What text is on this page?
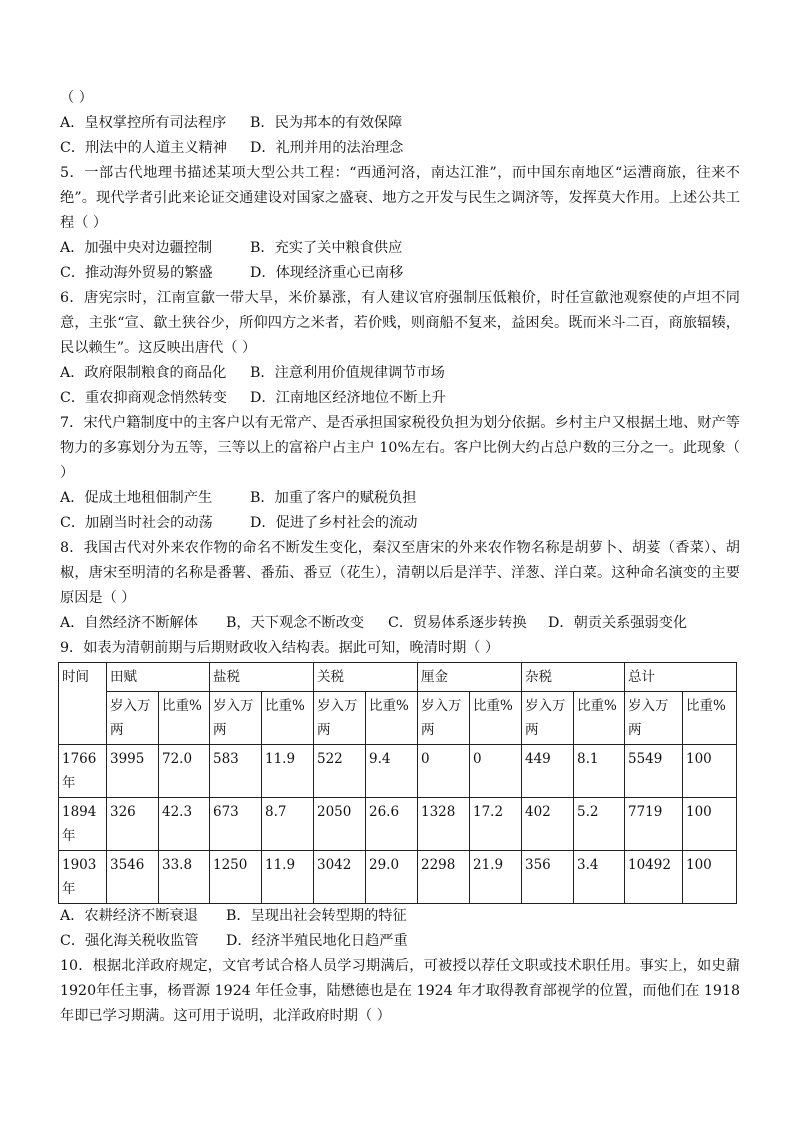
（ ）
A．皇权掌控所有司法程序 B．民为邦本的有效保障
C．刑法中的人道主义精神 D．礼刑并用的法治理念
5．一部古代地理书描述某项大型公共工程：“西通河洛，南达江淮”，而中国东南地区“运漕商旅，往来不绝”。现代学者引此来论证交通建设对国家之盛衰、地方之开发与民生之调济等，发挥莫大作用。上述公共工程（ ）
A．加强中央对边疆控制	B．充实了关中粮食供应
C．推动海外贸易的繁盛	D．体现经济重心已南移
6．唐宪宗时，江南宣歙一带大旱，米价暴涨，有人建议官府强制压低粮价，时任宣歙池观察使的卢坦不同意，主张“宣、歙土狭谷少，所仰四方之米者，若价贱，则商船不复来，益困矣。既而米斗二百，商旅辐辏，民以赖生”。这反映出唐代（ ）
A．政府限制粮食的商品化 B．注意利用价值规律调节市场
C．重农抑商观念悄然转变 D．江南地区经济地位不断上升
7．宋代户籍制度中的主客户以有无常产、是否承担国家税役负担为划分依据。乡村主户又根据土地、财产等物力的多寡划分为五等，三等以上的富裕户占主户 10%左右。客户比例大约占总户数的三分之一。此现象（ ）
A．促成土地租佃制产生	B．加重了客户的赋税负担
C．加剧当时社会的动荡	D．促进了乡村社会的流动
8．我国古代对外来农作物的命名不断发生变化，秦汉至唐宋的外来农作物名称是胡萝卜、胡荽（香菜）、胡椒，唐宋至明清的名称是番薯、番茄、番豆（花生），清朝以后是洋芋、洋葱、洋白菜。这种命名演变的主要原因是（ ）
A．自然经济不断解体 B，天下观念不断改变 C．贸易体系逐步转换 D．朝贡关系强弱变化
9．如表为清朝前期与后期财政收入结构表。据此可知，晚清时期（ ）
时间	田赋		盐税		关税		厘金		杂税		总计	
	岁入万两	比重%	岁入万两	比重%	岁入万两	比重%	岁入万两	比重%	岁入万两	比重%	岁入万两	比重%
1766年	3995	72.0	583	11.9	522	9.4	0	0	449	8.1	5549	100
1894年	326	42.3	673	8.7	2050	26.6	1328	17.2	402	5.2	7719	100
1903年	3546	33.8	1250	11.9	3042	29.0	2298	21.9	356	3.4	10492	100
A．农耕经济不断衰退 B．呈现出社会转型期的特征
C．强化海关税收监管 D．经济半殖民地化日趋严重
10．根据北洋政府规定，文官考试合格人员学习期满后，可被授以荐任文职或技术职任用。事实上，如史鼐 1920年任主事，杨晋源 1924 年任佥事，陆懋德也是在 1924 年才取得教育部视学的位置，而他们在 1918 年即已学习期满。这可用于说明，北洋政府时期（ ）
